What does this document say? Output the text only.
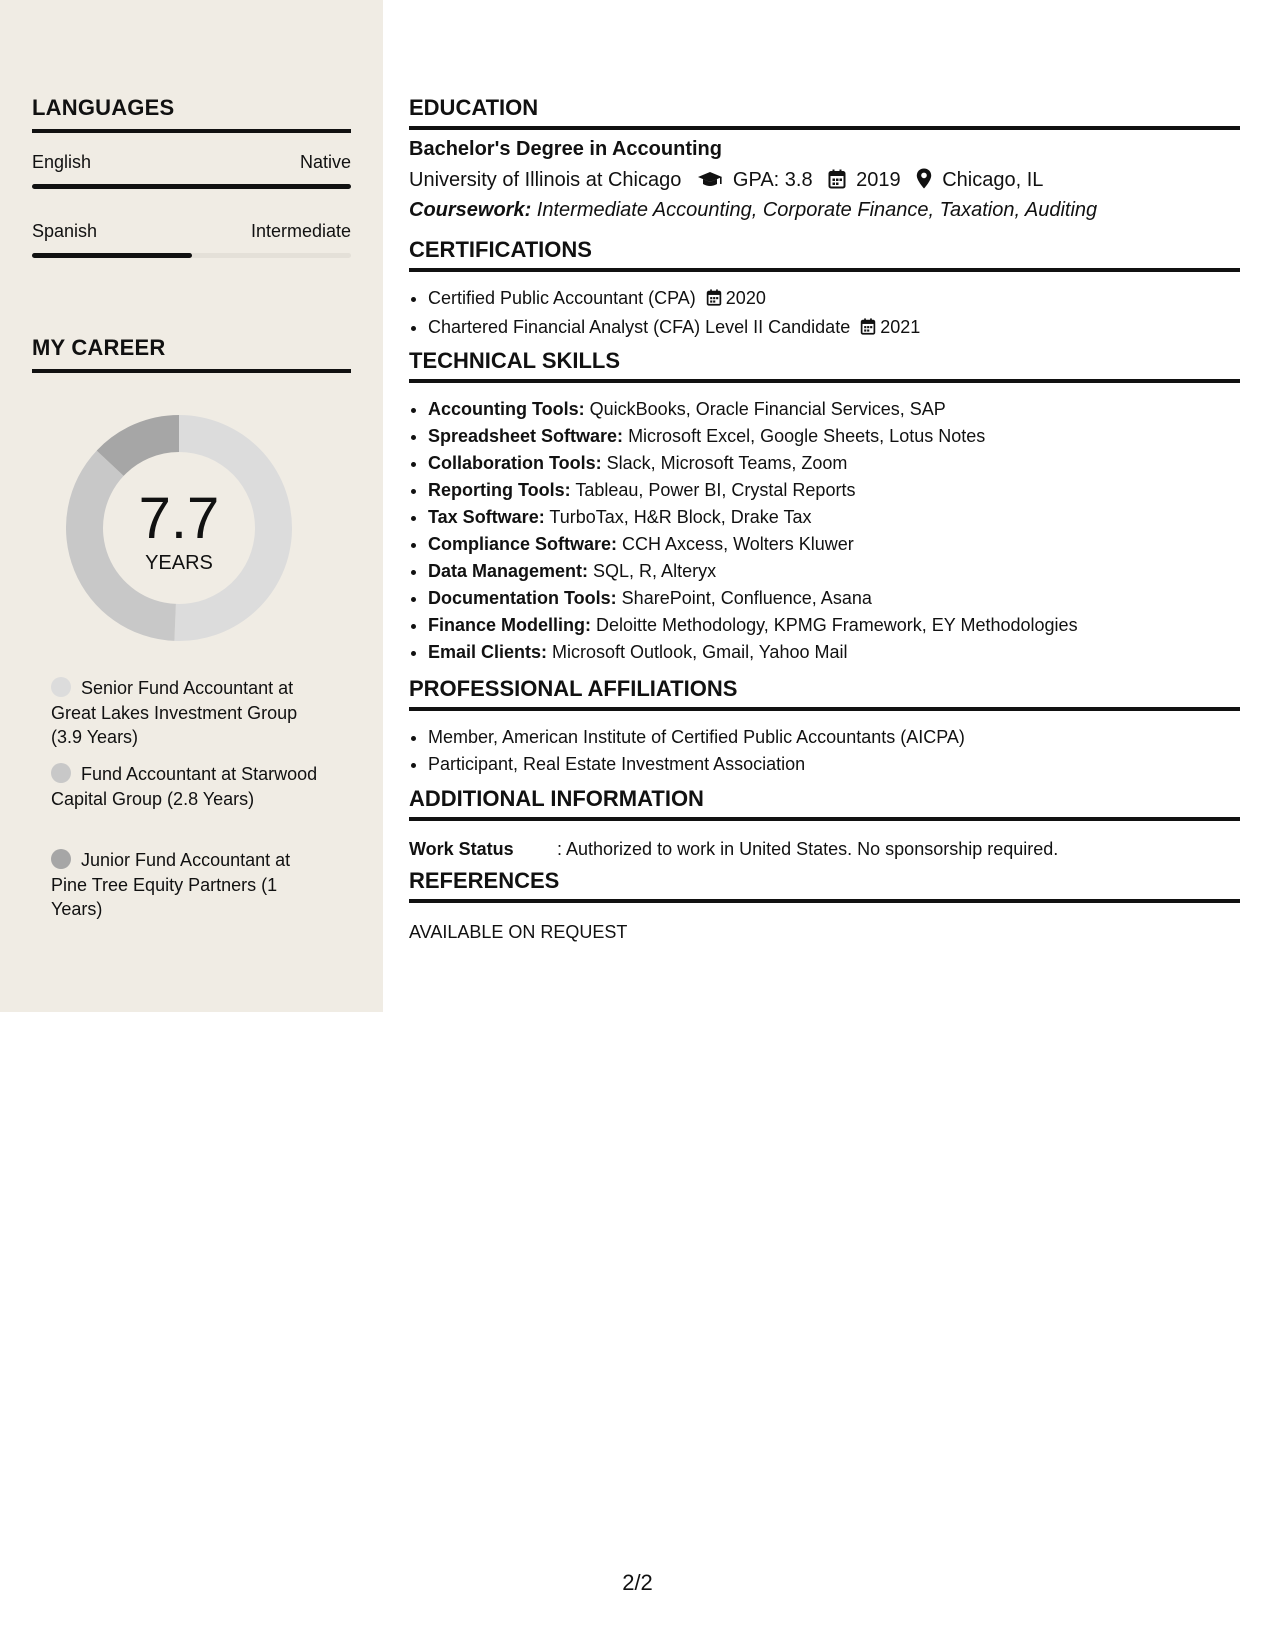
LANGUAGES
English	Native
Spanish	Intermediate
MY CAREER
7.7
YEARS
Senior Fund Accountant at Great Lakes Investment Group (3.9 Years)
Fund Accountant at Starwood Capital Group (2.8 Years)
Junior Fund Accountant at Pine Tree Equity Partners (1 Years)
EDUCATION
Bachelor's Degree in Accounting
University of Illinois at Chicago	GPA: 3.8 2019 Chicago, IL
Coursework: Intermediate Accounting, Corporate Finance, Taxation, Auditing
CERTIFICATIONS
• Certified Public Accountant (CPA) 2020
• Chartered Financial Analyst (CFA) Level II Candidate 2021
TECHNICAL SKILLS
• Accounting Tools: QuickBooks, Oracle Financial Services, SAP
• Spreadsheet Software: Microsoft Excel, Google Sheets, Lotus Notes
• Collaboration Tools: Slack, Microsoft Teams, Zoom
• Reporting Tools: Tableau, Power BI, Crystal Reports
• Tax Software: TurboTax, H&R Block, Drake Tax
• Compliance Software: CCH Axcess, Wolters Kluwer
• Data Management: SQL, R, Alteryx
• Documentation Tools: SharePoint, Confluence, Asana
• Finance Modelling: Deloitte Methodology, KPMG Framework, EY Methodologies
• Email Clients: Microsoft Outlook, Gmail, Yahoo Mail
PROFESSIONAL AFFILIATIONS
• Member, American Institute of Certified Public Accountants (AICPA)
• Participant, Real Estate Investment Association
ADDITIONAL INFORMATION
Work Status : Authorized to work in United States. No sponsorship required.
REFERENCES
AVAILABLE ON REQUEST
2/2
